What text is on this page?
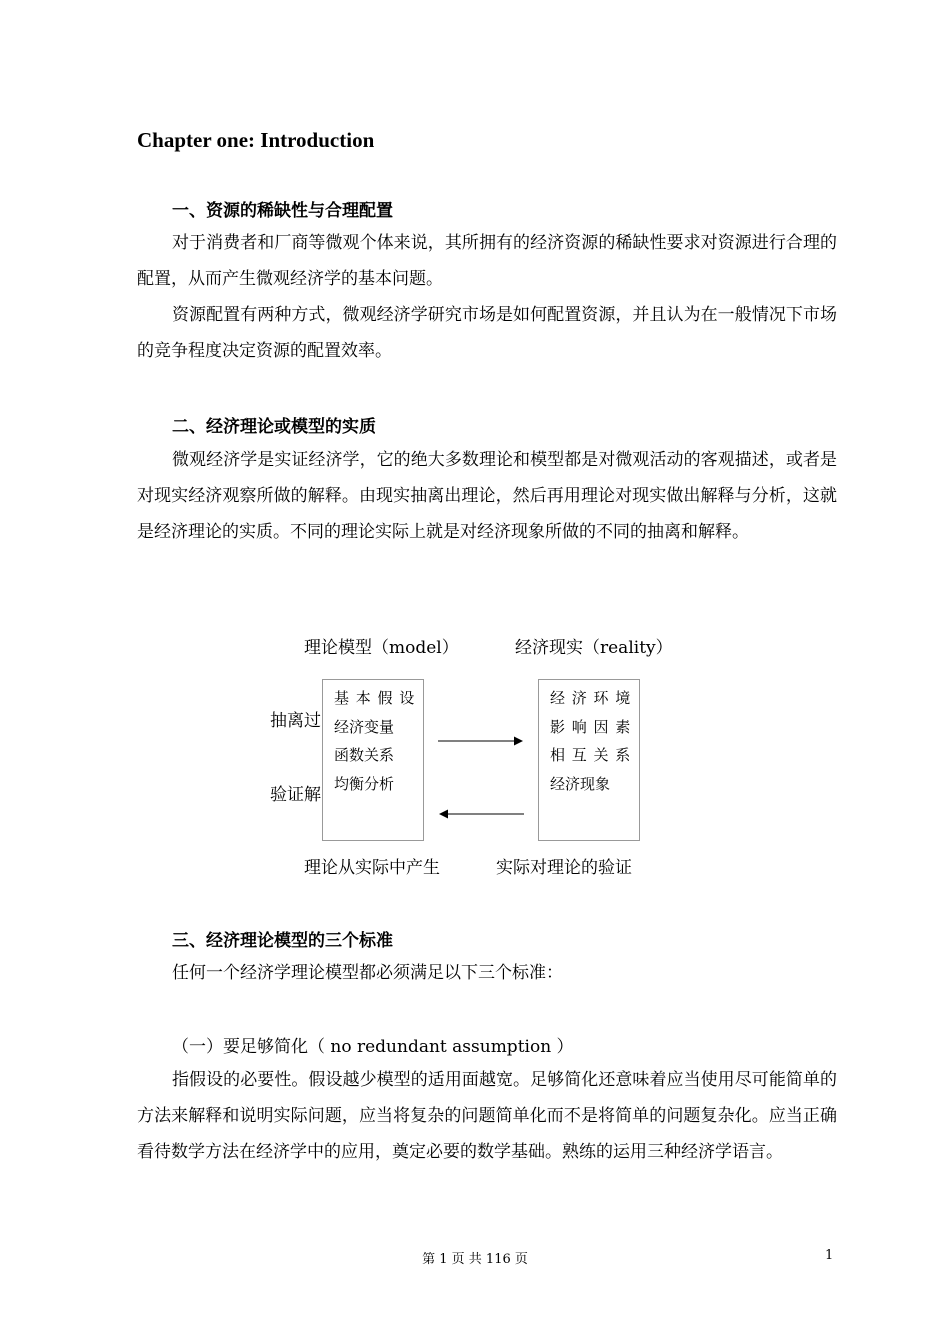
Chapter one: Introduction
一、资源的稀缺性与合理配置
对于消费者和厂商等微观个体来说，其所拥有的经济资源的稀缺性要求对资源进行合理的配置，从而产生微观经济学的基本问题。
资源配置有两种方式，微观经济学研究市场是如何配置资源，并且认为在一般情况下市场的竞争程度决定资源的配置效率。
二、经济理论或模型的实质
微观经济学是实证经济学，它的绝大多数理论和模型都是对微观活动的客观描述，或者是对现实经济观察所做的解释。由现实抽离出理论，然后再用理论对现实做出解释与分析，这就是经济理论的实质。不同的理论实际上就是对经济现象所做的不同的抽离和解释。
理论模型（model）	经济现实（reality）
基 本 假 设
经济变量
函数关系
均衡分析
经 济 环 境
影 响 因 素
相 互 关 系
经济现象
抽离过
验证解
理论从实际中产生	实际对理论的验证
三、经济理论模型的三个标准
任何一个经济学理论模型都必须满足以下三个标准：
（一）要足够简化（ no redundant assumption ）
指假设的必要性。假设越少模型的适用面越宽。足够简化还意味着应当使用尽可能简单的方法来解释和说明实际问题，应当将复杂的问题简单化而不是将简单的问题复杂化。应当正确看待数学方法在经济学中的应用，奠定必要的数学基础。熟练的运用三种经济学语言。
第 1 页 共 116 页	1
